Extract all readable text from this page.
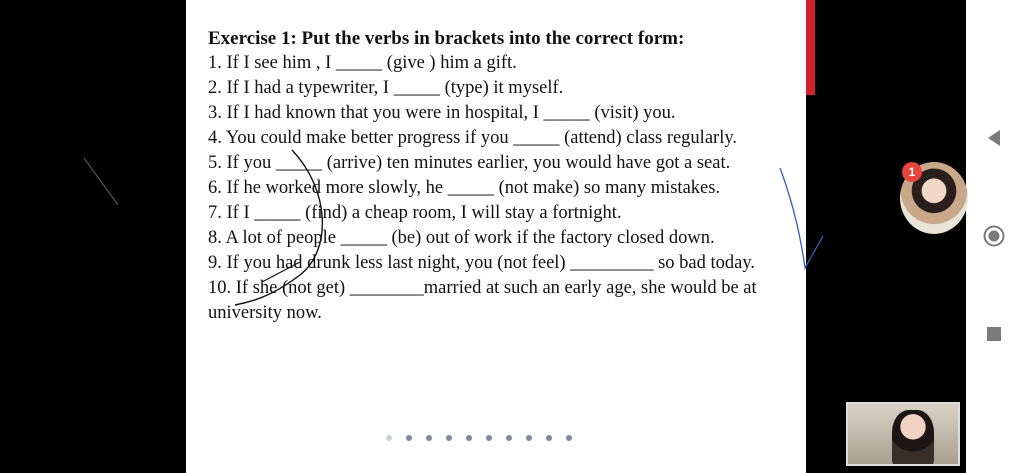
Exercise 1: Put the verbs in brackets into the correct form:
1. If I see him , I _____ (give ) him a gift.
2. If I had a typewriter, I _____ (type) it myself.
3. If I had known that you were in hospital, I _____ (visit) you.
4. You could make better progress if you _____ (attend) class regularly.
5. If you _____ (arrive) ten minutes earlier, you would have got a seat.
6. If he worked more slowly, he _____ (not make) so many mistakes.
7. If I _____ (find) a cheap room, I will stay a fortnight.
8. A lot of people _____ (be) out of work if the factory closed down.
9. If you had drunk less last night, you (not feel) _________ so bad today.
10. If she (not get) ________married at such an early age, she would be at university now.
1
